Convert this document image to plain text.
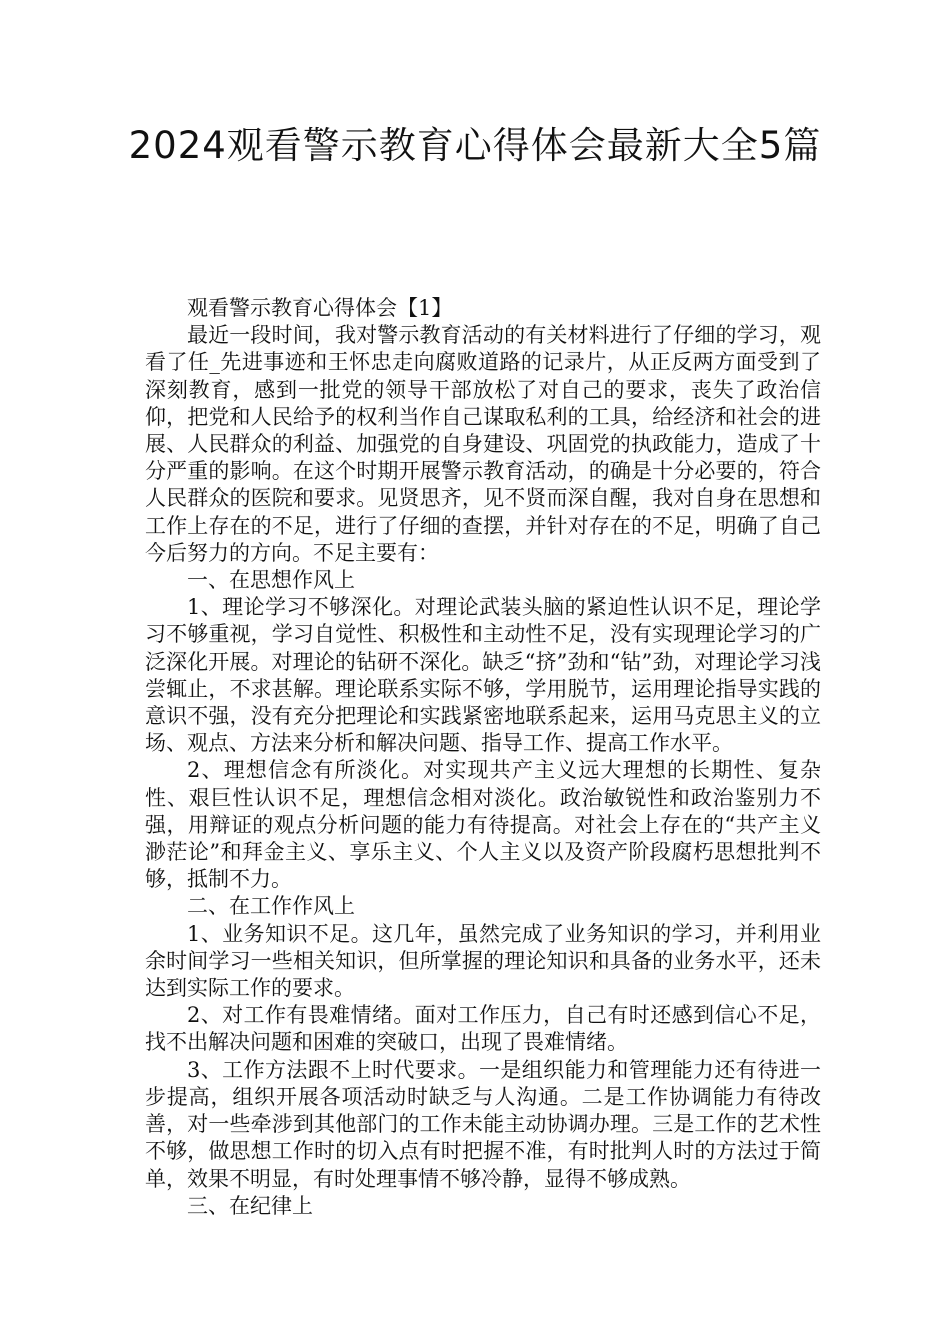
2024观看警示教育心得体会最新大全5篇

观看警示教育心得体会【1】

最近一段时间，我对警示教育活动的有关材料进行了仔细的学习，观看了任_先进事迹和王怀忠走向腐败道路的记录片，从正反两方面受到了深刻教育，感到一批党的领导干部放松了对自己的要求，丧失了政治信仰，把党和人民给予的权利当作自己谋取私利的工具，给经济和社会的进展、人民群众的利益、加强党的自身建设、巩固党的执政能力，造成了十分严重的影响。在这个时期开展警示教育活动，的确是十分必要的，符合人民群众的医院和要求。见贤思齐，见不贤而深自醒，我对自身在思想和工作上存在的不足，进行了仔细的查摆，并针对存在的不足，明确了自己今后努力的方向。不足主要有：

一、在思想作风上

1、理论学习不够深化。对理论武装头脑的紧迫性认识不足，理论学习不够重视，学习自觉性、积极性和主动性不足，没有实现理论学习的广泛深化开展。对理论的钻研不深化。缺乏“挤”劲和“钻”劲，对理论学习浅尝辄止，不求甚解。理论联系实际不够，学用脱节，运用理论指导实践的意识不强，没有充分把理论和实践紧密地联系起来，运用马克思主义的立场、观点、方法来分析和解决问题、指导工作、提高工作水平。

2、理想信念有所淡化。对实现共产主义远大理想的长期性、复杂性、艰巨性认识不足，理想信念相对淡化。政治敏锐性和政治鉴别力不强，用辩证的观点分析问题的能力有待提高。对社会上存在的“共产主义渺茫论”和拜金主义、享乐主义、个人主义以及资产阶段腐朽思想批判不够，抵制不力。

二、在工作作风上

1、业务知识不足。这几年，虽然完成了业务知识的学习，并利用业余时间学习一些相关知识，但所掌握的理论知识和具备的业务水平，还未达到实际工作的要求。

2、对工作有畏难情绪。面对工作压力，自己有时还感到信心不足，找不出解决问题和困难的突破口，出现了畏难情绪。

3、工作方法跟不上时代要求。一是组织能力和管理能力还有待进一步提高，组织开展各项活动时缺乏与人沟通。二是工作协调能力有待改善，对一些牵涉到其他部门的工作未能主动协调办理。三是工作的艺术性不够，做思想工作时的切入点有时把握不准，有时批判人时的方法过于简单，效果不明显，有时处理事情不够冷静，显得不够成熟。

三、在纪律上
